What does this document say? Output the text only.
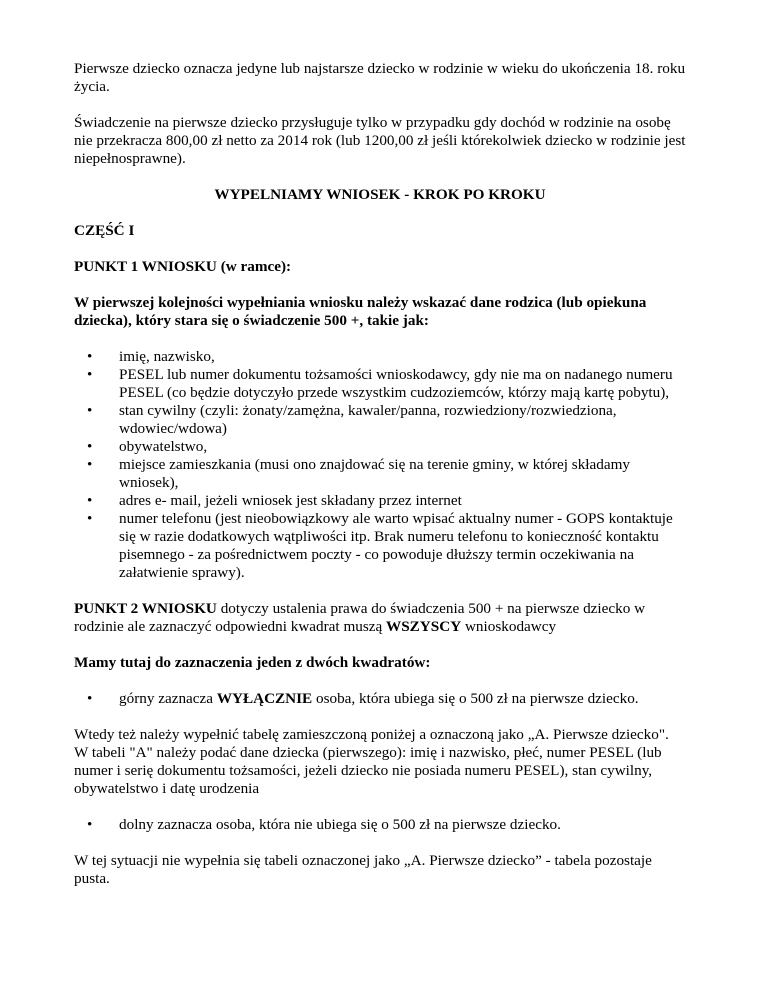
Pierwsze dziecko oznacza jedyne lub najstarsze dziecko w rodzinie w wieku do ukończenia 18. roku życia.

Świadczenie na pierwsze dziecko przysługuje tylko w przypadku gdy dochód w rodzinie na osobę nie przekracza 800,00 zł netto za 2014 rok (lub 1200,00 zł jeśli którekolwiek dziecko w rodzinie jest niepełnosprawne).

WYPELNIAMY WNIOSEK - KROK PO KROKU

CZĘŚĆ I

PUNKT 1 WNIOSKU (w ramce):

W pierwszej kolejności wypełniania wniosku należy wskazać dane rodzica (lub opiekuna dziecka), który stara się o świadczenie 500 +, takie jak:

• imię, nazwisko,
• PESEL lub numer dokumentu tożsamości wnioskodawcy, gdy nie ma on nadanego numeru PESEL (co będzie dotyczyło przede wszystkim cudzoziemców, którzy mają kartę pobytu),
• stan cywilny (czyli: żonaty/zamężna, kawaler/panna, rozwiedziony/rozwiedziona, wdowiec/wdowa)
• obywatelstwo,
• miejsce zamieszkania (musi ono znajdować się na terenie gminy, w której składamy wniosek),
• adres e- mail, jeżeli wniosek jest składany przez internet
• numer telefonu (jest nieobowiązkowy ale warto wpisać aktualny numer - GOPS kontaktuje się w razie dodatkowych wątpliwości itp. Brak numeru telefonu to konieczność kontaktu pisemnego - za pośrednictwem poczty - co powoduje dłuższy termin oczekiwania na załatwienie sprawy).

PUNKT 2 WNIOSKU dotyczy ustalenia prawa do świadczenia 500 + na pierwsze dziecko w rodzinie ale zaznaczyć odpowiedni kwadrat muszą WSZYSCY wnioskodawcy

Mamy tutaj do zaznaczenia jeden z dwóch kwadratów:

• górny zaznacza WYŁĄCZNIE osoba, która ubiega się o 500 zł na pierwsze dziecko.

Wtedy też należy wypełnić tabelę zamieszczoną poniżej a oznaczoną jako „A. Pierwsze dziecko". W tabeli "A" należy podać dane dziecka (pierwszego): imię i nazwisko, płeć, numer PESEL (lub numer i serię dokumentu tożsamości, jeżeli dziecko nie posiada numeru PESEL), stan cywilny, obywatelstwo i datę urodzenia

• dolny zaznacza osoba, która nie ubiega się o 500 zł na pierwsze dziecko.

W tej sytuacji nie wypełnia się tabeli oznaczonej jako „A. Pierwsze dziecko” - tabela pozostaje pusta.
